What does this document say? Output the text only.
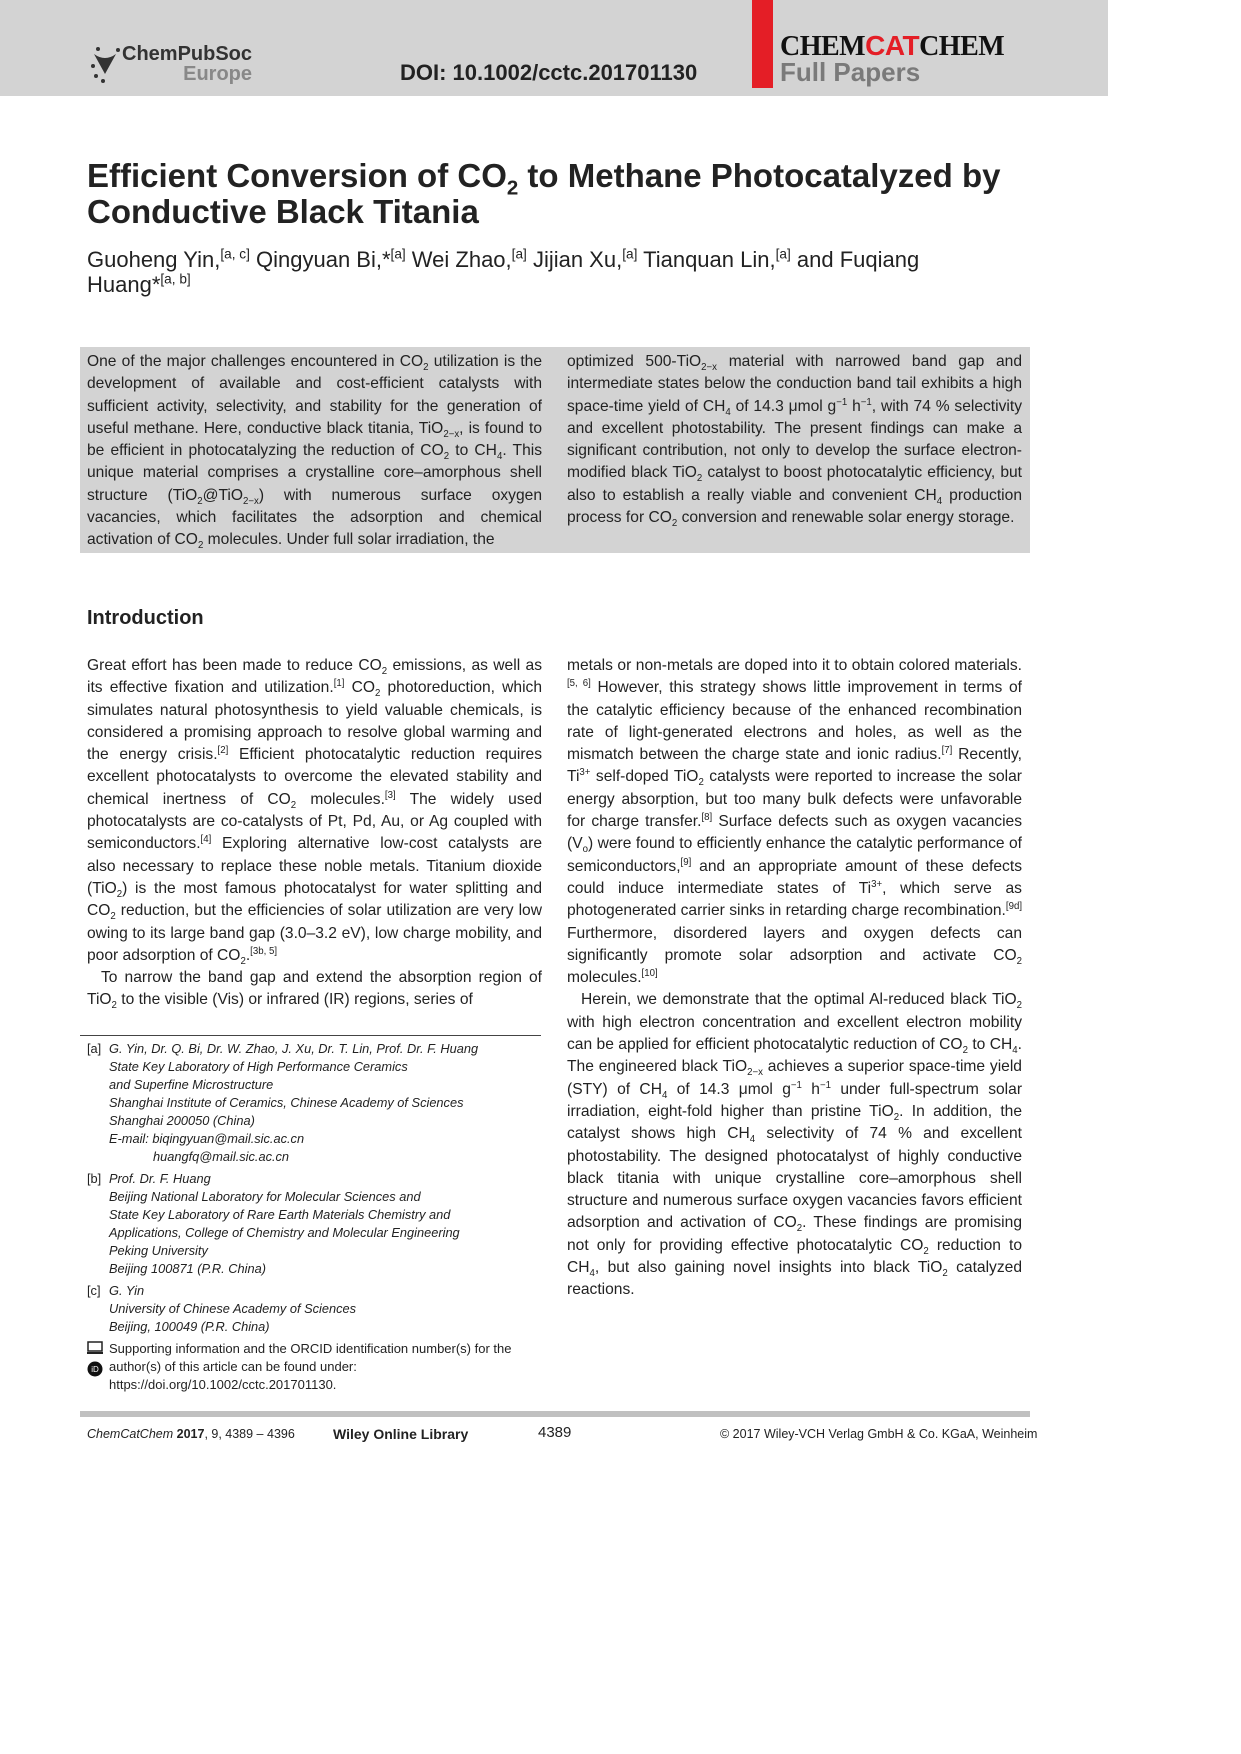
ChemPubSoc
Europe	DOI: 10.1002/cctc.201701130
CHEMCATCHEM
Full Papers
Efficient Conversion of $CO_2$ to Methane Photocatalyzed by Conductive Black Titania
Guoheng Yin,[a, c] Qingyuan Bi,*[a] Wei Zhao,[a] Jijian Xu,[a] Tianquan Lin,[a] and Fuqiang Huang*[a, b]
One of the major challenges encountered in $CO_2$ utilization is the development of available and cost-efficient catalysts with sufficient activity, selectivity, and stability for the generation of useful methane. Here, conductive black titania, TiO$_{2-x}$, is found to be efficient in photocatalyzing the reduction of $CO_2$ to $CH_4$. This unique material comprises a crystalline core–amorphous shell structure (TiO$_2$@TiO$_{2-x}$) with numerous surface oxygen vacancies, which facilitates the adsorption and chemical activation of $CO_2$ molecules. Under full solar irradiation, the
optimized 500-TiO$_{2-x}$ material with narrowed band gap and intermediate states below the conduction band tail exhibits a high space-time yield of $CH_4$ of 14.3 μmol $g^{-1}$ $h^{-1}$, with 74 % selectivity and excellent photostability. The present findings can make a significant contribution, not only to develop the surface electron-modified black TiO$_2$ catalyst to boost photocatalytic efficiency, but also to establish a really viable and convenient $CH_4$ production process for $CO_2$ conversion and renewable solar energy storage.
Introduction

Great effort has been made to reduce $CO_2$ emissions, as well as its effective fixation and utilization.[1] $CO_2$ photoreduction, which simulates natural photosynthesis to yield valuable chemicals, is considered a promising approach to resolve global warming and the energy crisis.[2] Efficient photocatalytic reduction requires excellent photocatalysts to overcome the elevated stability and chemical inertness of $CO_2$ molecules.[3] The widely used photocatalysts are co-catalysts of Pt, Pd, Au, or Ag coupled with semiconductors.[4] Exploring alternative low-cost catalysts are also necessary to replace these noble metals. Titanium dioxide (TiO$_2$) is the most famous photocatalyst for water splitting and $CO_2$ reduction, but the efficiencies of solar utilization are very low owing to its large band gap (3.0–3.2 eV), low charge mobility, and poor adsorption of $CO_2.[3b, 5]$

To narrow the band gap and extend the absorption region of TiO$_2$ to the visible (Vis) or infrared (IR) regions, series of

metals or non-metals are doped into it to obtain colored materials.[5, 6] However, this strategy shows little improvement in terms of the catalytic efficiency because of the enhanced recombination rate of light-generated electrons and holes, as well as the mismatch between the charge state and ionic radius.[7] Recently, $Ti^{3+}$ self-doped TiO$_2$ catalysts were reported to increase the solar energy absorption, but too many bulk defects were unfavorable for charge transfer.[8] Surface defects such as oxygen vacancies $(V_o)$ were found to efficiently enhance the catalytic performance of semiconductors,[9] and an appropriate amount of these defects could induce intermediate states of $Ti^{3+}$, which serve as photogenerated carrier sinks in retarding charge recombination.[9d] Furthermore, disordered layers and oxygen defects can significantly promote solar adsorption and activate $CO_2$ molecules.[10]

Herein, we demonstrate that the optimal Al-reduced black TiO$_2$ with high electron concentration and excellent electron mobility can be applied for efficient photocatalytic reduction of $CO_2$ to $CH_4$. The engineered black TiO$_{2-x}$ achieves a superior space-time yield (STY) of $CH_4$ of 14.3 μmol $g^{-1}$ $h^{-1}$ under full-spectrum solar irradiation, eight-fold higher than pristine TiO$_2$. In addition, the catalyst shows high $CH_4$ selectivity of 74 % and excellent photostability. The designed photocatalyst of highly conductive black titania with unique crystalline core–amorphous shell structure and numerous surface oxygen vacancies favors efficient adsorption and activation of $CO_2$. These findings are promising not only for providing effective photocatalytic $CO_2$ reduction to $CH_4$, but also gaining novel insights into black TiO$_2$ catalyzed reactions.

[a] G. Yin, Dr. Q. Bi, Dr. W. Zhao, J. Xu, Dr. T. Lin, Prof. Dr. F. Huang
State Key Laboratory of High Performance Ceramics
and Superfine Microstructure
Shanghai Institute of Ceramics, Chinese Academy of Sciences
Shanghai 200050 (China)
E-mail: biqingyuan@mail.sic.ac.cn
huangfq@mail.sic.ac.cn
[b] Prof. Dr. F. Huang
Beijing National Laboratory for Molecular Sciences and
State Key Laboratory of Rare Earth Materials Chemistry and
Applications, College of Chemistry and Molecular Engineering
Peking University
Beijing 100871 (P.R. China)
[c] G. Yin
University of Chinese Academy of Sciences
Beijing, 100049 (P.R. China)

iD
Supporting information and the ORCID identification number(s) for the
author(s) of this article can be found under:
https://doi.org/10.1002/cctc.201701130.
ChemCatChem 2017, 9, 4389 – 4396	Wiley Online Library	4389	© 2017 Wiley-VCH Verlag GmbH & Co. KGaA, Weinheim
